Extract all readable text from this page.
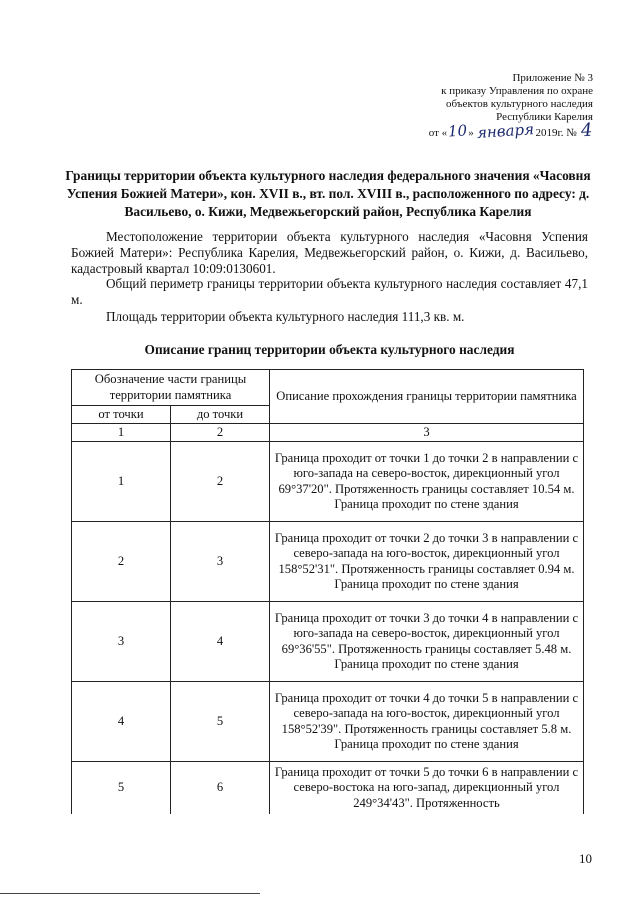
Приложение № 3
к приказу Управления по охране
объектов культурного наследия
Республики Карелия
от «10» января2019г. № 4
Границы территории объекта культурного наследия федерального значения «Часовня Успения Божией Матери», кон. XVII в., вт. пол. XVIII в., расположенного по адресу: д. Васильево, о. Кижи, Медвежьегорский район, Республика Карелия
Местоположение территории объекта культурного наследия «Часовня Успения Божией Матери»: Республика Карелия, Медвежьегорский район, о. Кижи, д. Васильево, кадастровый квартал 10:09:0130601.
Общий периметр границы территории объекта культурного наследия составляет 47,1 м.
Площадь территории объекта культурного наследия 111,3 кв. м.
Описание границ территории объекта культурного наследия
Обозначение части границы территории памятника		Описание прохождения границы территории памятника
от точки	до точки	
1	2	3
1	2	Граница проходит от точки 1 до точки 2 в направлении с юго-запада на северо-восток, дирекционный угол 69°37'20". Протяженность границы составляет 10.54 м. Граница проходит по стене здания
2	3	Граница проходит от точки 2 до точки 3 в направлении с северо-запада на юго-восток, дирекционный угол 158°52'31". Протяженность границы составляет 0.94 м. Граница проходит по стене здания
3	4	Граница проходит от точки 3 до точки 4 в направлении с юго-запада на северо-восток, дирекционный угол 69°36'55". Протяженность границы составляет 5.48 м. Граница проходит по стене здания
4	5	Граница проходит от точки 4 до точки 5 в направлении с северо-запада на юго-восток, дирекционный угол 158°52'39". Протяженность границы составляет 5.8 м. Граница проходит по стене здания
5	6	Граница проходит от точки 5 до точки 6 в направлении с северо-востока на юго-запад, дирекционный угол 249°34'43". Протяженность
10
